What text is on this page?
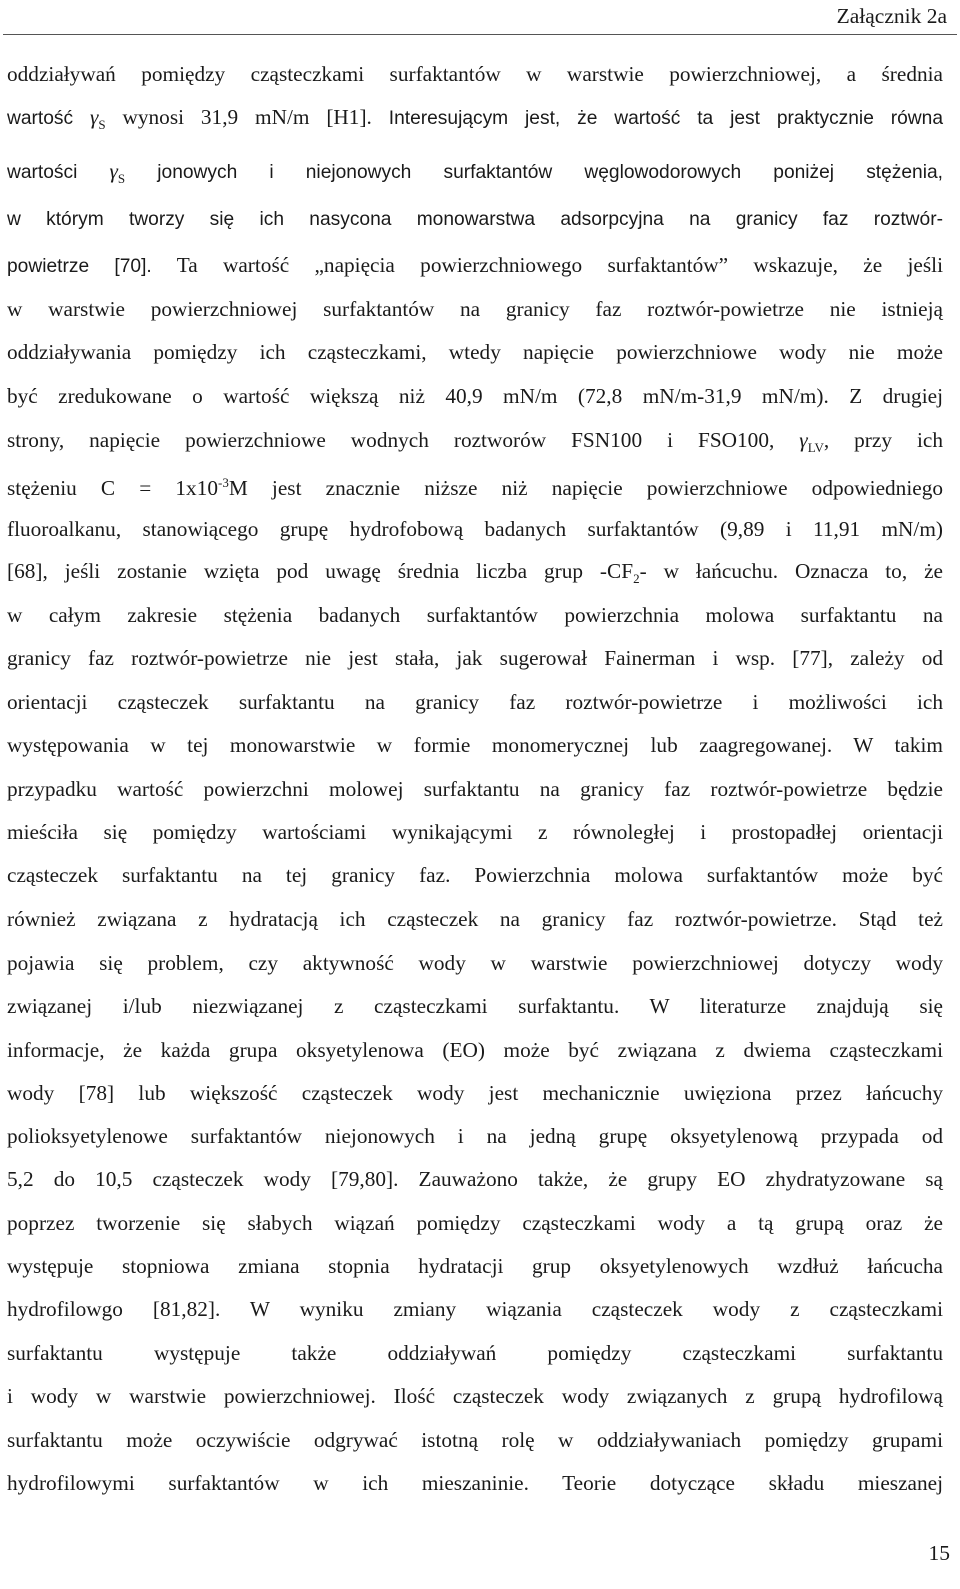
Załącznik 2a
oddziaływań pomiędzy cząsteczkami surfaktantów w warstwie powierzchniowej, a średnia
wartość $\gamma_S$ wynosi 31,9 mN/m [H1]. Interesującym jest, że wartość ta jest praktycznie równa
wartości $\gamma_S$ jonowych i niejonowych surfaktantów węglowodorowych poniżej stężenia,
w którym tworzy się ich nasycona monowarstwa adsorpcyjna na granicy faz roztwór-
powietrze [70]. Ta wartość „napięcia powierzchniowego surfaktantów” wskazuje, że jeśli
w warstwie powierzchniowej surfaktantów na granicy faz roztwór-powietrze nie istnieją
oddziaływania pomiędzy ich cząsteczkami, wtedy napięcie powierzchniowe wody nie może
być zredukowane o wartość większą niż 40,9 mN/m (72,8 mN/m-31,9 mN/m). Z drugiej
strony, napięcie powierzchniowe wodnych roztworów FSN100 i FSO100, $\gamma_{LV}$, przy ich
stężeniu $C = 1x10^{-3}M$ jest znacznie niższe niż napięcie powierzchniowe odpowiedniego
fluoroalkanu, stanowiącego grupę hydrofobową badanych surfaktantów (9,89 i 11,91 mN/m)
[68], jeśli zostanie wzięta pod uwagę średnia liczba grup $-CF_2-$ w łańcuchu. Oznacza to, że
w całym zakresie stężenia badanych surfaktantów powierzchnia molowa surfaktantu na
granicy faz roztwór-powietrze nie jest stała, jak sugerował Fainerman i wsp. [77], zależy od
orientacji cząsteczek surfaktantu na granicy faz roztwór-powietrze i możliwości ich
występowania w tej monowarstwie w formie monomerycznej lub zaagregowanej. W takim
przypadku wartość powierzchni molowej surfaktantu na granicy faz roztwór-powietrze będzie
mieściła się pomiędzy wartościami wynikającymi z równoległej i prostopadłej orientacji
cząsteczek surfaktantu na tej granicy faz. Powierzchnia molowa surfaktantów może być
również związana z hydratacją ich cząsteczek na granicy faz roztwór-powietrze. Stąd też
pojawia się problem, czy aktywność wody w warstwie powierzchniowej dotyczy wody
związanej i/lub niezwiązanej z cząsteczkami surfaktantu. W literaturze znajdują się
informacje, że każda grupa oksyetylenowa (EO) może być związana z dwiema cząsteczkami
wody [78] lub większość cząsteczek wody jest mechanicznie uwięziona przez łańcuchy
polioksyetylenowe surfaktantów niejonowych i na jedną grupę oksyetylenową przypada od
5,2 do 10,5 cząsteczek wody [79,80]. Zauważono także, że grupy EO zhydratyzowane są
poprzez tworzenie się słabych wiązań pomiędzy cząsteczkami wody a tą grupą oraz że
występuje stopniowa zmiana stopnia hydratacji grup oksyetylenowych wzdłuż łańcucha
hydrofilowgo [81,82]. W wyniku zmiany wiązania cząsteczek wody z cząsteczkami
surfaktantu występuje także oddziaływań pomiędzy cząsteczkami surfaktantu
i wody w warstwie powierzchniowej. Ilość cząsteczek wody związanych z grupą hydrofilową
surfaktantu może oczywiście odgrywać istotną rolę w oddziaływaniach pomiędzy grupami
hydrofilowymi surfaktantów w ich mieszaninie. Teorie dotyczące składu mieszanej
15
